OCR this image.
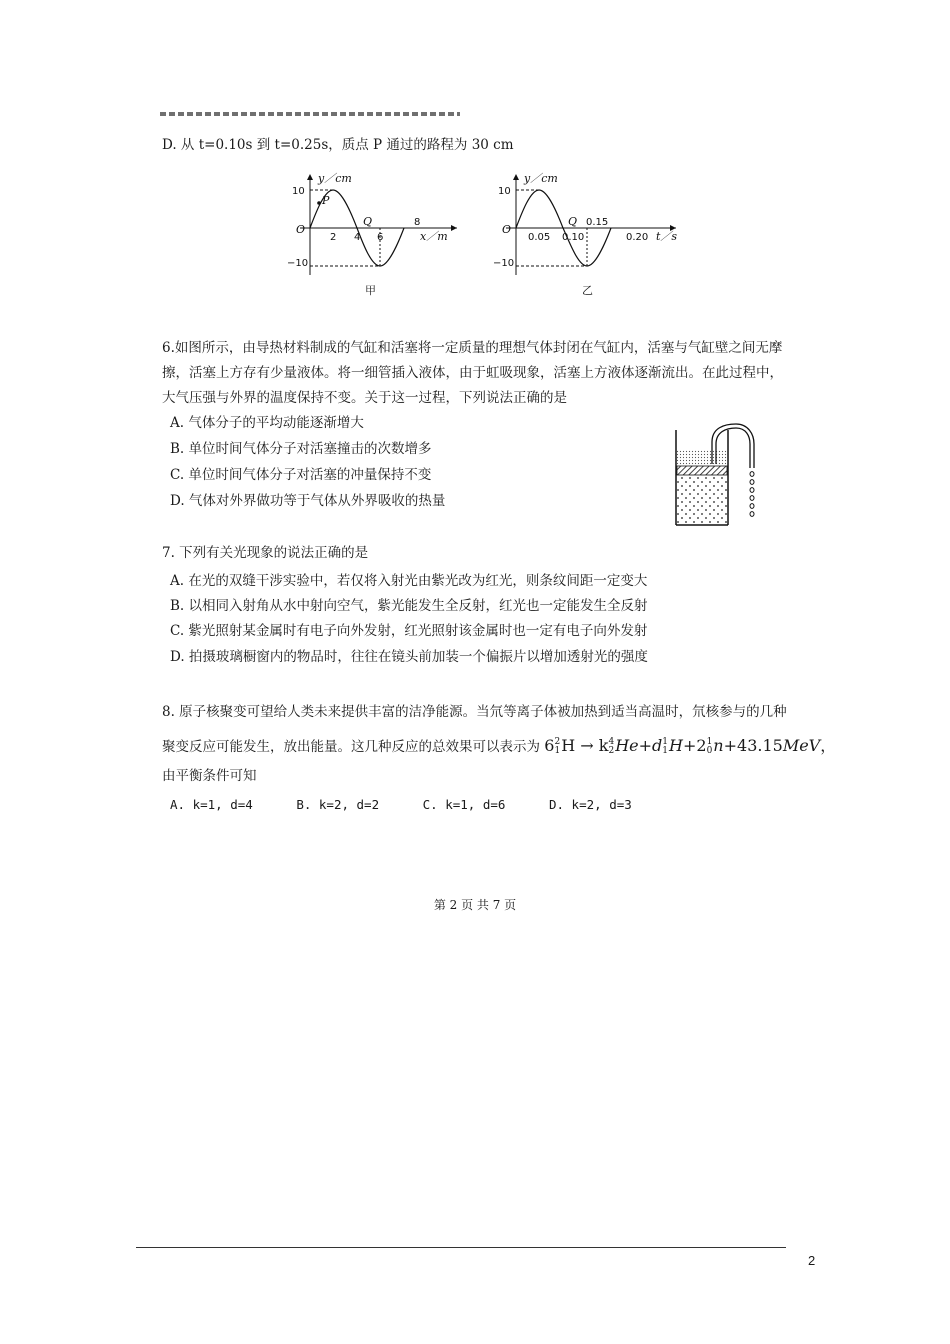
D. 从 t=0.10s 到 t=0.25s，质点 P 通过的路程为 30 cm
y／cm
x／m
10
−10
O
P
Q
2 4 6
8
甲
y／cm
t／s
10
−10
O
Q
0.05 0.10
0.15
0.20
乙
6.如图所示，由导热材料制成的气缸和活塞将一定质量的理想气体封闭在气缸内，活塞与气缸壁之间无摩
擦，活塞上方存有少量液体。将一细管插入液体，由于虹吸现象，活塞上方液体逐渐流出。在此过程中，
大气压强与外界的温度保持不变。关于这一过程，下列说法正确的是
A. 气体分子的平均动能逐渐增大
B. 单位时间气体分子对活塞撞击的次数增多
C. 单位时间气体分子对活塞的冲量保持不变
D. 气体对外界做功等于气体从外界吸收的热量
7. 下列有关光现象的说法正确的是
A. 在光的双缝干涉实验中，若仅将入射光由紫光改为红光，则条纹间距一定变大
B. 以相同入射角从水中射向空气，紫光能发生全反射，红光也一定能发生全反射
C. 紫光照射某金属时有电子向外发射，红光照射该金属时也一定有电子向外发射
D. 拍摄玻璃橱窗内的物品时，往往在镜头前加装一个偏振片以增加透射光的强度
8. 原子核聚变可望给人类未来提供丰富的洁净能源。当氘等离子体被加热到适当高温时，氘核参与的几种
聚变反应可能发生，放出能量。这几种反应的总效果可以表示为 6 2
1 H → k 4
2 He+d 1
1 H+2 1
0 n+43.15MeV，
由平衡条件可知
A. k=1, d=4	B. k=2, d=2	C. k=1, d=6	D. k=2, d=3
第 2 页 共 7 页
2
